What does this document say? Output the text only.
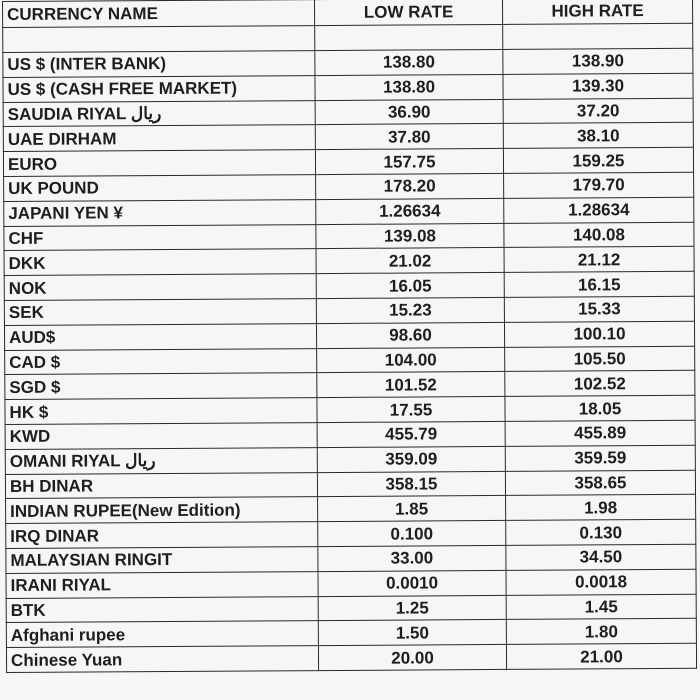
CURRENCY NAME	LOW RATE	HIGH RATE

US $ (INTER BANK)	138.80	138.90
US $ (CASH FREE MARKET)	138.80	139.30
SAUDIA RIYAL ريال	36.90	37.20
UAE DIRHAM	37.80	38.10
EURO	157.75	159.25
UK POUND	178.20	179.70
JAPANI YEN ¥	1.26634	1.28634
CHF	139.08	140.08
DKK	21.02	21.12
NOK	16.05	16.15
SEK	15.23	15.33
AUD$	98.60	100.10
CAD $	104.00	105.50
SGD $	101.52	102.52
HK $	17.55	18.05
KWD	455.79	455.89
OMANI RIYAL ريال	359.09	359.59
BH DINAR	358.15	358.65
INDIAN RUPEE(New Edition)	1.85	1.98
IRQ DINAR	0.100	0.130
MALAYSIAN RINGIT	33.00	34.50
IRANI RIYAL	0.0010	0.0018
BTK	1.25	1.45
Afghani rupee	1.50	1.80
Chinese Yuan	20.00	21.00
